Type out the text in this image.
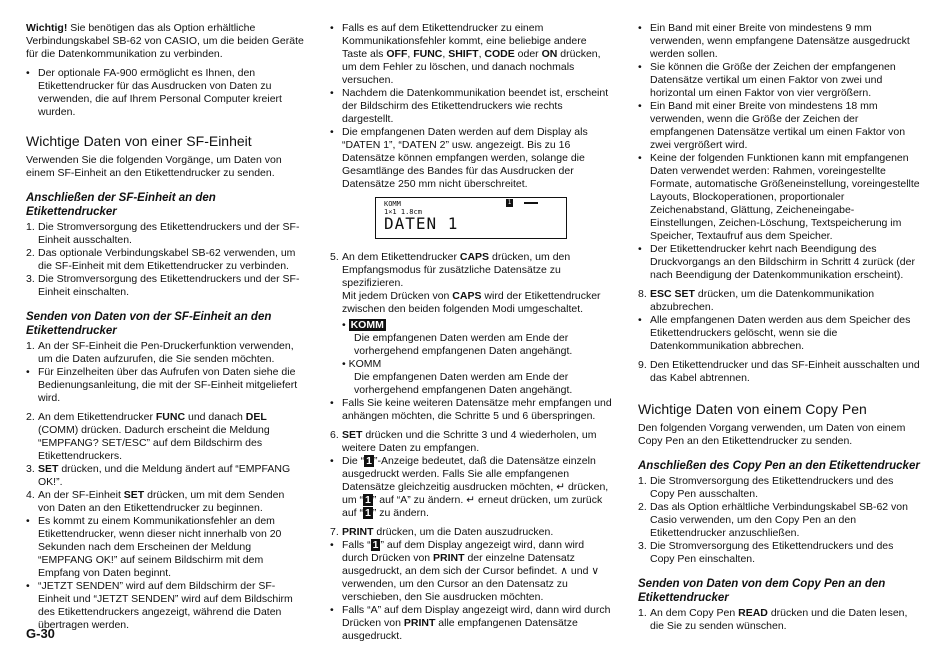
Wichtig! Sie benötigen das als Option erhältliche Verbindungskabel SB-62 von CASIO, um die beiden Geräte für die Datenkommunikation zu verbinden.

• Der optionale FA-900 ermöglicht es Ihnen, den Etikettendrucker für das Ausdrucken von Daten zu verwenden, die auf Ihrem Personal Computer kreiert wurden.
Wichtige Daten von einer SF-Einheit

Verwenden Sie die folgenden Vorgänge, um Daten von einem SF-Einheit an den Etikettendrucker zu senden.

Anschließen der SF-Einheit an den Etikettendrucker
1. Die Stromversorgung des Etikettendruckers und der SF-Einheit ausschalten.
2. Das optionale Verbindungskabel SB-62 verwenden, um die SF-Einheit mit dem Etikettendrucker zu verbinden.
3. Die Stromversorgung des Etikettendruckers und der SF-Einheit einschalten.
Senden von Daten von der SF-Einheit an den Etikettendrucker
1. An der SF-Einheit die Pen-Druckerfunktion verwenden, um die Daten aufzurufen, die Sie senden möchten.
• Für Einzelheiten über das Aufrufen von Daten siehe die Bedienungsanleitung, die mit der SF-Einheit mitgeliefert wird.
2. An dem Etikettendrucker FUNC und danach DEL (COMM) drücken. Dadurch erscheint die Meldung “EMPFANG? SET/ESC” auf dem Bildschirm des Etikettendruckers.
3. SET drücken, und die Meldung ändert auf “EMPFANG OK!”.
4. An der SF-Einheit SET drücken, um mit dem Senden von Daten an den Etikettendrucker zu beginnen.
• Es kommt zu einem Kommunikationsfehler an dem Etikettendrucker, wenn dieser nicht innerhalb von 20 Sekunden nach dem Erscheinen der Meldung “EMPFANG OK!” auf seinem Bildschirm mit dem Empfang von Daten beginnt.
• “JETZT SENDEN” wird auf dem Bildschirm der SF-Einheit und “JETZT SENDEN” wird auf dem Bildschirm des Etikettendruckers angezeigt, während die Daten übertragen werden.
• Falls es auf dem Etikettendrucker zu einem Kommunikationsfehler kommt, eine beliebige andere Taste als OFF, FUNC, SHIFT, CODE oder ON drücken, um dem Fehler zu löschen, und danach nochmals versuchen.
• Nachdem die Datenkommunikation beendet ist, erscheint der Bildschirm des Etikettendruckers wie rechts dargestellt.
• Die empfangenen Daten werden auf dem Display als “DATEN 1”, “DATEN 2” usw. angezeigt. Bis zu 16 Datensätze können empfangen werden, solange die Gesamtlänge des Bandes für das Ausdrucken der Datensätze 250 mm nicht überschreitet.
KOMM	1
1×1 1.8cm
DATEN 1
5. An dem Etikettendrucker CAPS drücken, um den Empfangsmodus für zusätzliche Datensätze zu spezifizieren.
Mit jedem Drücken von CAPS wird der Etikettendrucker zwischen den beiden folgenden Modi umgeschaltet.
• KOMM
Die empfangenen Daten werden am Ende der vorhergehend empfangenen Daten angehängt.
• KOMM
Die empfangenen Daten werden am Ende der vorhergehend empfangenen Daten angehängt.
• Falls Sie keine weiteren Datensätze mehr empfangen und anhängen möchten, die Schritte 5 und 6 überspringen.
6. SET drücken und die Schritte 3 und 4 wiederholen, um weitere Daten zu empfangen.
• Die “ 1 ”-Anzeige bedeutet, daß die Datensätze einzeln ausgedruckt werden. Falls Sie alle empfangenen Datensätze gleichzeitig ausdrucken möchten, ↵ drücken, um “ 1 ” auf “A” zu ändern. ↵ erneut drücken, um zurück auf “ 1 ” zu ändern.
7. PRINT drücken, um die Daten auszudrucken.
• Falls “ 1 ” auf dem Display angezeigt wird, dann wird durch Drücken von PRINT der einzelne Datensatz ausgedruckt, an dem sich der Cursor befindet. ∧ und ∨ verwenden, um den Cursor an den Datensatz zu verschieben, den Sie ausdrucken möchten.
• Falls “A” auf dem Display angezeigt wird, dann wird durch Drücken von PRINT alle empfangenen Datensätze ausgedruckt.
• Ein Band mit einer Breite von mindestens 9 mm verwenden, wenn empfangene Datensätze ausgedruckt werden sollen.
• Sie können die Größe der Zeichen der empfangenen Datensätze vertikal um einen Faktor von zwei und horizontal um einen Faktor von vier vergrößern.
• Ein Band mit einer Breite von mindestens 18 mm verwenden, wenn die Größe der Zeichen der empfangenen Datensätze vertikal um einen Faktor von zwei vergrößert wird.
• Keine der folgenden Funktionen kann mit empfangenen Daten verwendet werden: Rahmen, voreingestellte Formate, automatische Größeneinstellung, voreingestellte Layouts, Blockoperationen, proportionaler Zeichenabstand, Glättung, Zeicheneingabe-Einstellungen, Zeichen-Löschung, Textspeicherung im Speicher, Textaufruf aus dem Speicher.
• Der Etikettendrucker kehrt nach Beendigung des Druckvorgangs an den Bildschirm in Schritt 4 zurück (der nach Beendigung der Datenkommunikation erscheint).
8. ESC SET drücken, um die Datenkommunikation abzubrechen.
• Alle empfangenen Daten werden aus dem Speicher des Etikettendruckers gelöscht, wenn sie die Datenkommunikation abbrechen.
9. Den Etikettendrucker und das SF-Einheit ausschalten und das Kabel abtrennen.
Wichtige Daten von einem Copy Pen

Den folgenden Vorgang verwenden, um Daten von einem Copy Pen an den Etikettendrucker zu senden.

Anschließen des Copy Pen an den Etikettendrucker
1. Die Stromversorgung des Etikettendruckers und des Copy Pen ausschalten.
2. Das als Option erhältliche Verbindungskabel SB-62 von Casio verwenden, um den Copy Pen an den Etikettendrucker anzuschließen.
3. Die Stromversorgung des Etikettendruckers und des Copy Pen einschalten.
Senden von Daten von dem Copy Pen an den Etikettendrucker
1. An dem Copy Pen READ drücken und die Daten lesen, die Sie zu senden wünschen.
G-30
